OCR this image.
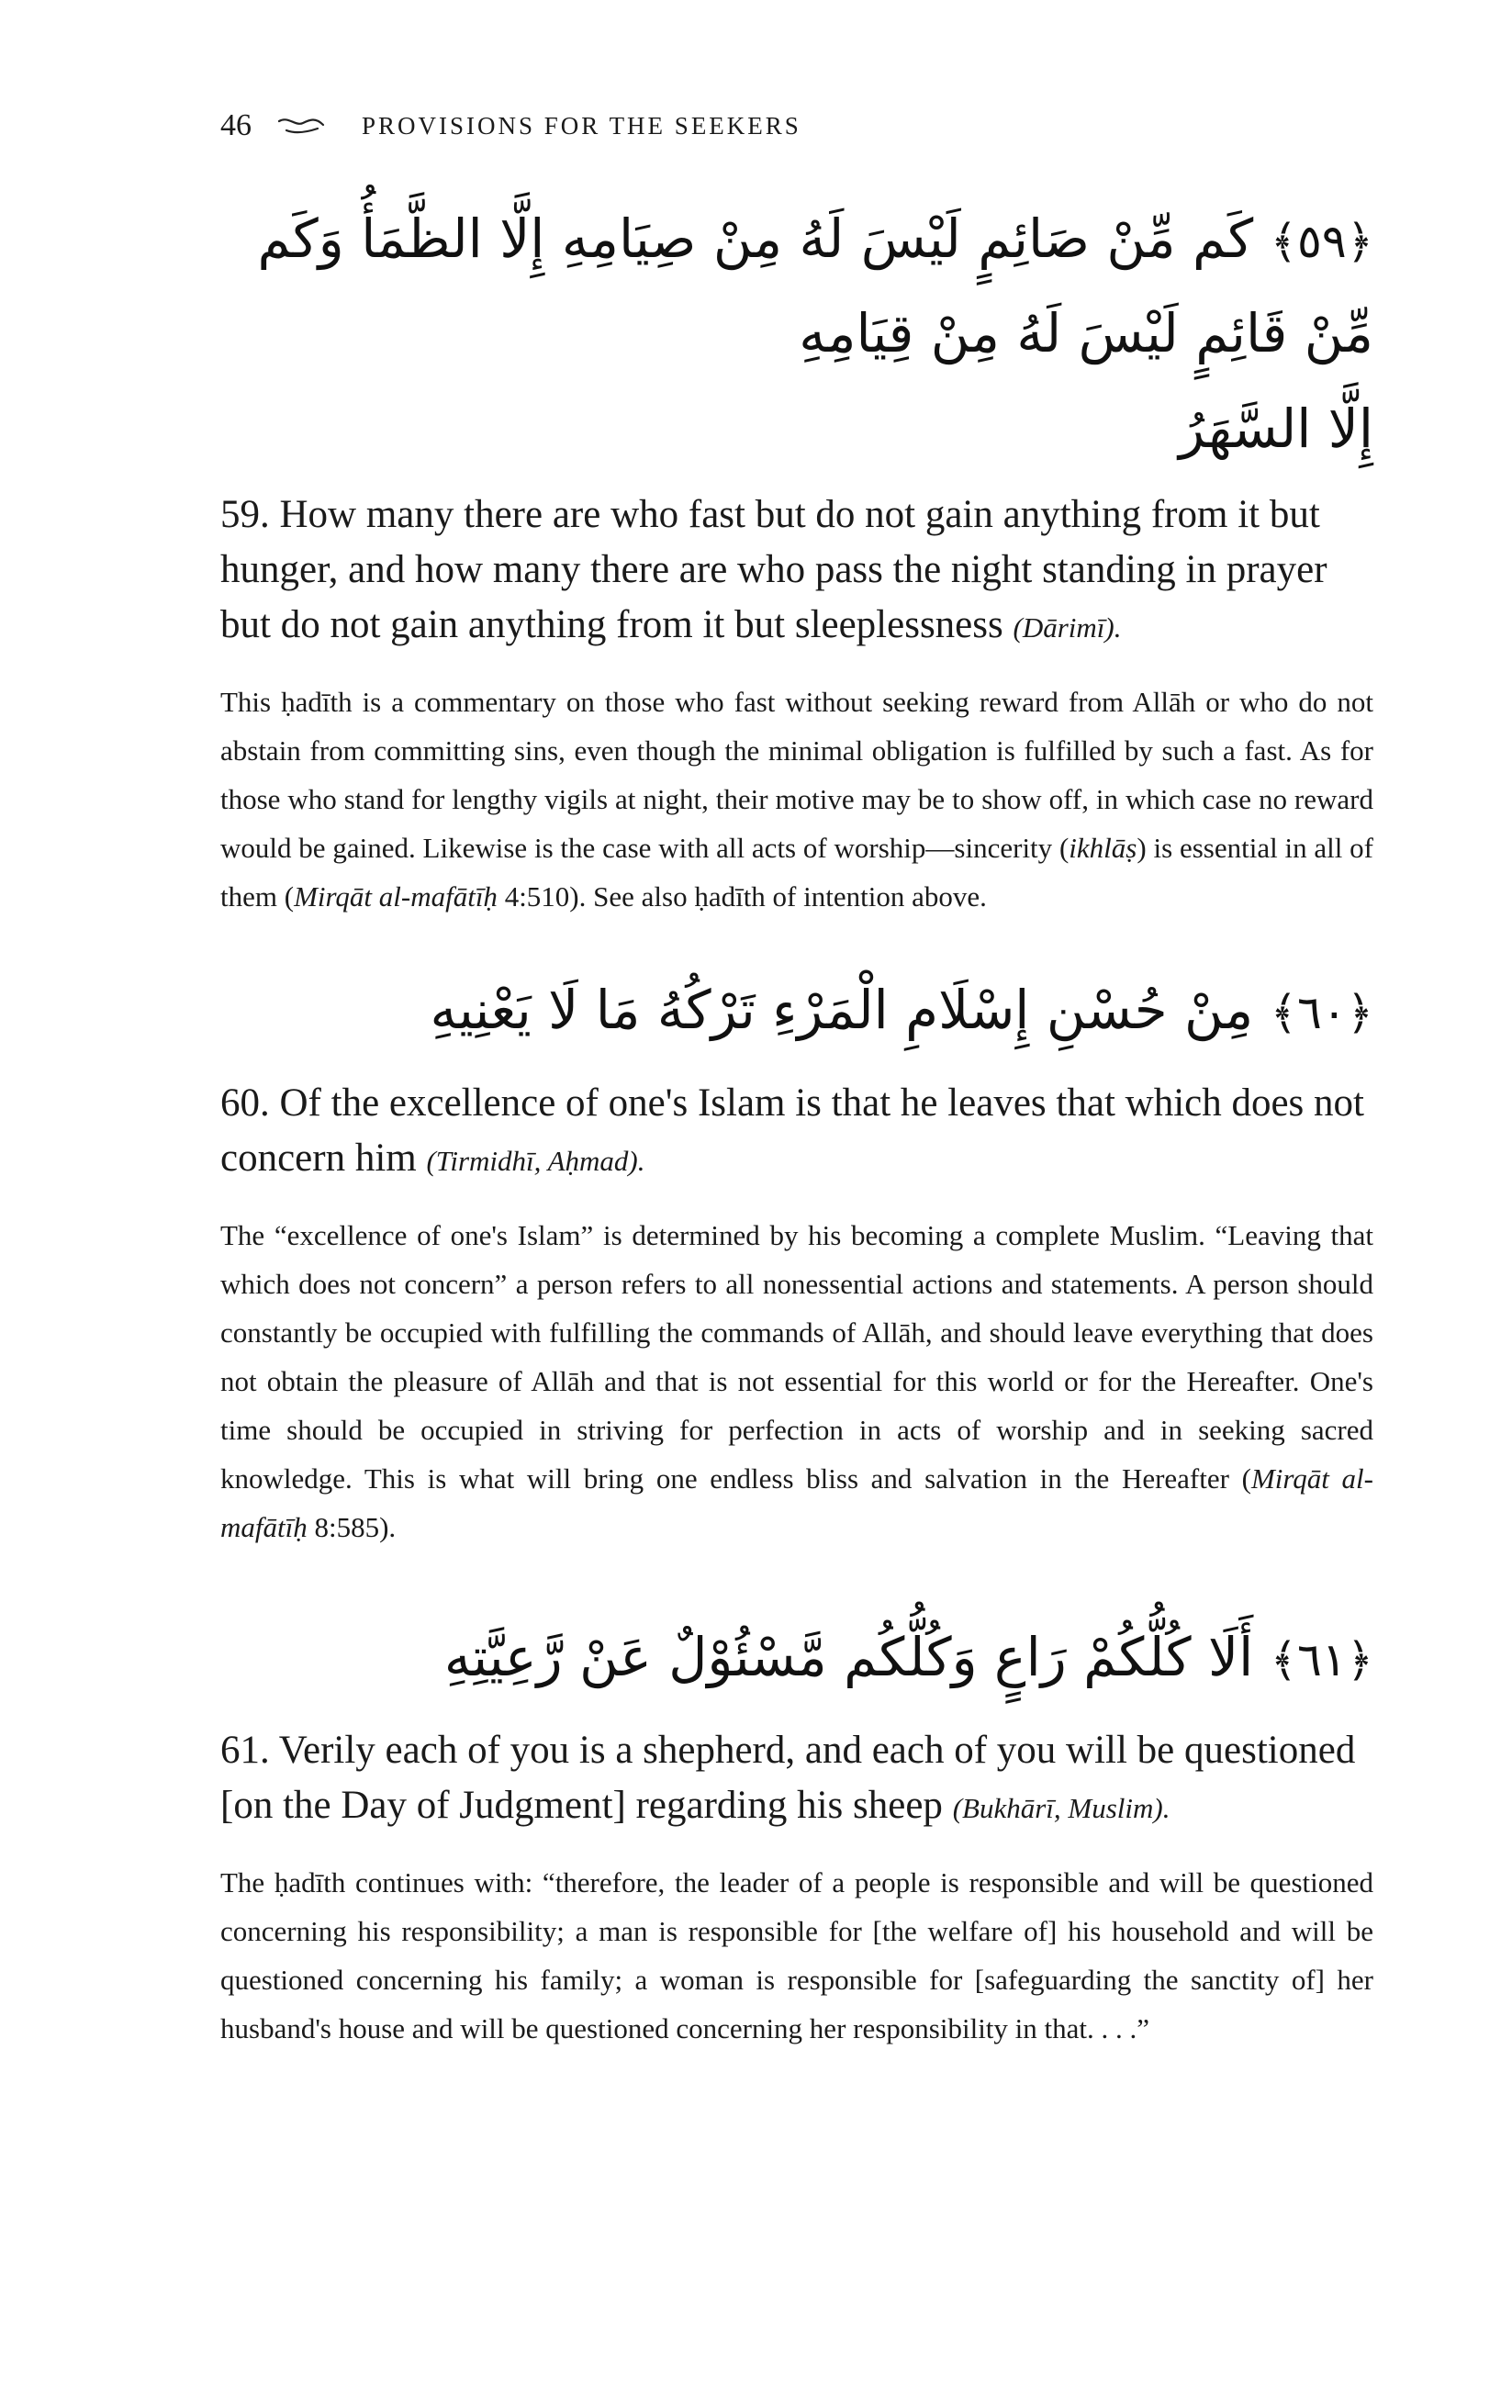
46	PROVISIONS FOR THE SEEKERS
﴿٥٩﴾ كَم مِّنْ صَائِمٍ لَيْسَ لَهُ مِنْ صِيَامِهِ إِلَّا الظَّمَأُ وَكَم مِّنْ قَائِمٍ لَيْسَ لَهُ مِنْ قِيَامِهِ
إِلَّا السَّهَرُ
59. How many there are who fast but do not gain anything from it but hunger, and how many there are who pass the night standing in prayer but do not gain anything from it but sleeplessness (Dārimī).
This ḥadīth is a commentary on those who fast without seeking reward from Allāh or who do not abstain from committing sins, even though the minimal obligation is fulfilled by such a fast. As for those who stand for lengthy vigils at night, their motive may be to show off, in which case no reward would be gained. Likewise is the case with all acts of worship—sincerity (ikhlāṣ) is essential in all of them (Mirqāt al-mafātīḥ 4:510). See also ḥadīth of intention above.
﴿٦٠﴾ مِنْ حُسْنِ إِسْلَامِ الْمَرْءِ تَرْكُهُ مَا لَا يَعْنِيهِ
60. Of the excellence of one's Islam is that he leaves that which does not concern him (Tirmidhī, Aḥmad).
The “excellence of one's Islam” is determined by his becoming a complete Muslim. “Leaving that which does not concern” a person refers to all nonessential actions and statements. A person should constantly be occupied with fulfilling the commands of Allāh, and should leave everything that does not obtain the pleasure of Allāh and that is not essential for this world or for the Hereafter. One's time should be occupied in striving for perfection in acts of worship and in seeking sacred knowledge. This is what will bring one endless bliss and salvation in the Hereafter (Mirqāt al-mafātīḥ 8:585).
﴿٦١﴾ أَلَا كُلُّكُمْ رَاعٍ وَكُلُّكُم مَّسْئُوْلٌ عَنْ رَّعِيَّتِهِ
61. Verily each of you is a shepherd, and each of you will be questioned [on the Day of Judgment] regarding his sheep (Bukhārī, Muslim).
The ḥadīth continues with: “therefore, the leader of a people is responsible and will be questioned concerning his responsibility; a man is responsible for [the welfare of] his household and will be questioned concerning his family; a woman is responsible for [safeguarding the sanctity of] her husband's house and will be questioned concerning her responsibility in that. . . .”
